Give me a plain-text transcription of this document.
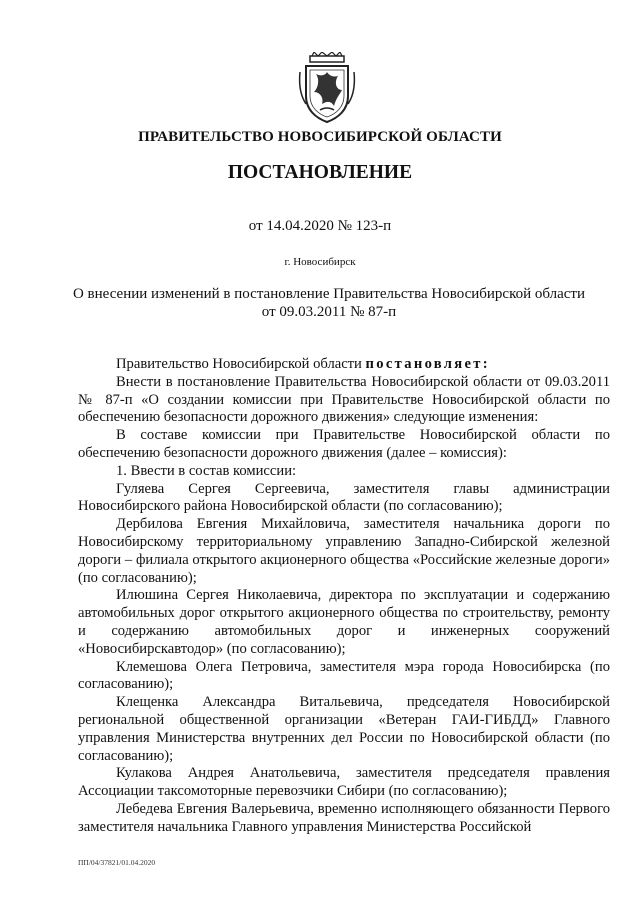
ПРАВИТЕЛЬСТВО НОВОСИБИРСКОЙ ОБЛАСТИ
ПОСТАНОВЛЕНИЕ
от 14.04.2020 № 123-п
г. Новосибирск
О внесении изменений в постановление Правительства Новосибирской области
от 09.03.2011 № 87-п

Правительство Новосибирской области постановляет:

Внести в постановление Правительства Новосибирской области от 09.03.2011 № 87-п «О создании комиссии при Правительстве Новосибирской области по обеспечению безопасности дорожного движения» следующие изменения:

В составе комиссии при Правительстве Новосибирской области по обеспечению безопасности дорожного движения (далее – комиссия):

1. Ввести в состав комиссии:

Гуляева Сергея Сергеевича, заместителя главы администрации Новосибирского района Новосибирской области (по согласованию);

Дербилова Евгения Михайловича, заместителя начальника дороги по Новосибирскому территориальному управлению Западно-Сибирской железной дороги – филиала открытого акционерного общества «Российские железные дороги» (по согласованию);

Илюшина Сергея Николаевича, директора по эксплуатации и содержанию автомобильных дорог открытого акционерного общества по строительству, ремонту и содержанию автомобильных дорог и инженерных сооружений «Новосибирскавтодор» (по согласованию);

Клемешова Олега Петровича, заместителя мэра города Новосибирска (по согласованию);

Клещенка Александра Витальевича, председателя Новосибирской региональной общественной организации «Ветеран ГАИ-ГИБДД» Главного управления Министерства внутренних дел России по Новосибирской области (по согласованию);

Кулакова Андрея Анатольевича, заместителя председателя правления Ассоциации таксомоторные перевозчики Сибири (по согласованию);

Лебедева Евгения Валерьевича, временно исполняющего обязанности Первого заместителя начальника Главного управления Министерства Российской

ПП/04/37821/01.04.2020
